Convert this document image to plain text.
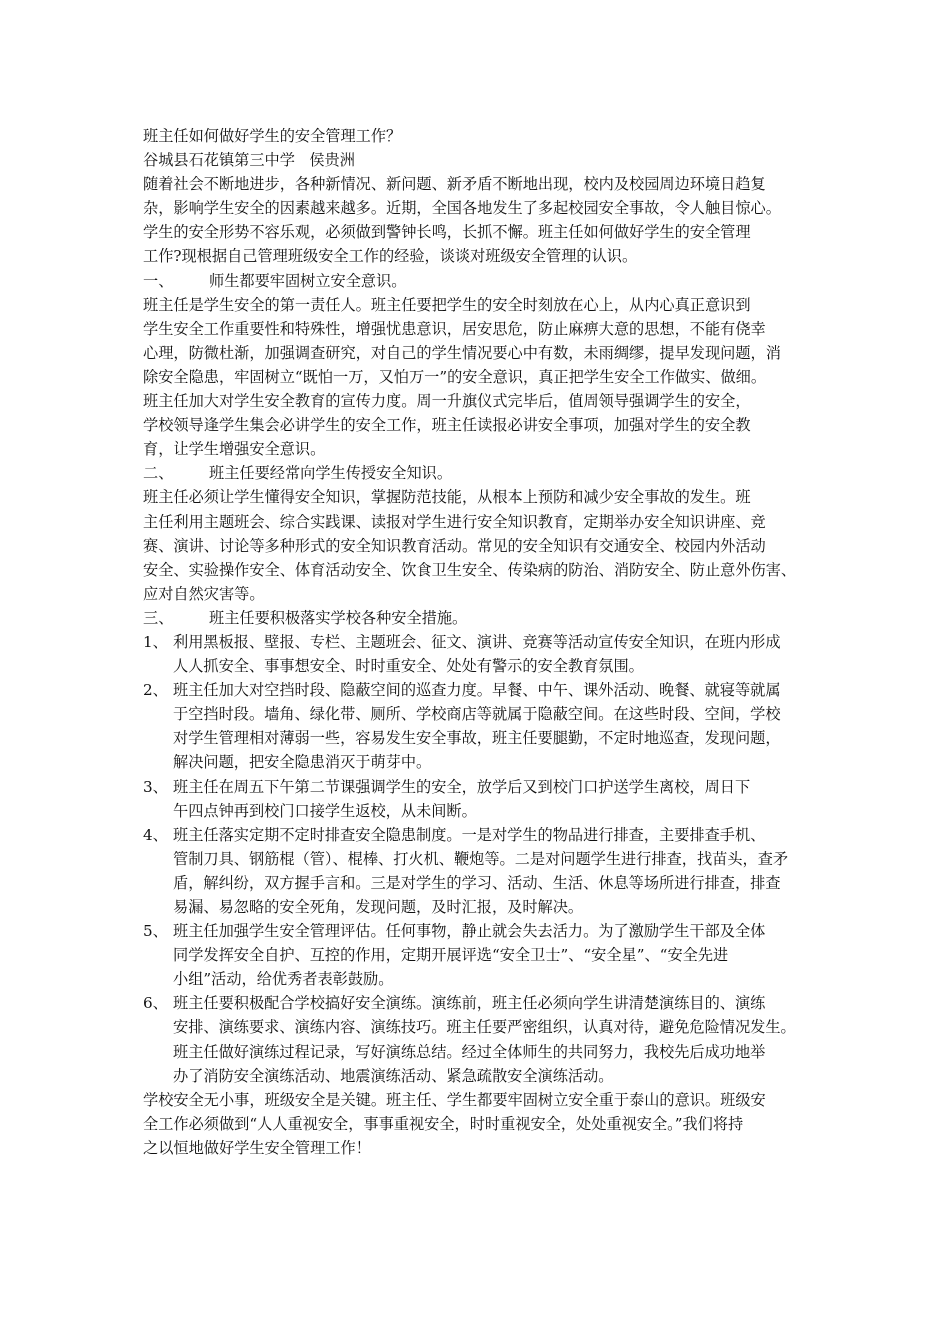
班主任如何做好学生的安全管理工作？

谷城县石花镇第三中学   侯贵洲

随着社会不断地进步，各种新情况、新问题、新矛盾不断地出现，校内及校园周边环境日趋复
杂，影响学生安全的因素越来越多。近期，全国各地发生了多起校园安全事故，令人触目惊心。
学生的安全形势不容乐观，必须做到警钟长鸣，长抓不懈。班主任如何做好学生的安全管理
工作?现根据自己管理班级安全工作的经验，谈谈对班级安全管理的认识。

一、 师生都要牢固树立安全意识。

班主任是学生安全的第一责任人。班主任要把学生的安全时刻放在心上，从内心真正意识到
学生安全工作重要性和特殊性，增强忧患意识，居安思危，防止麻痹大意的思想，不能有侥幸
心理，防微杜渐，加强调查研究，对自己的学生情况要心中有数，未雨绸缪，提早发现问题，消
除安全隐患，牢固树立“既怕一万，又怕万一”的安全意识，真正把学生安全工作做实、做细。
班主任加大对学生安全教育的宣传力度。周一升旗仪式完毕后，值周领导强调学生的安全，
学校领导逢学生集会必讲学生的安全工作，班主任读报必讲安全事项，加强对学生的安全教
育，让学生增强安全意识。

二、 班主任要经常向学生传授安全知识。

班主任必须让学生懂得安全知识，掌握防范技能，从根本上预防和减少安全事故的发生。班
主任利用主题班会、综合实践课、读报对学生进行安全知识教育，定期举办安全知识讲座、竞
赛、演讲、讨论等多种形式的安全知识教育活动。常见的安全知识有交通安全、校园内外活动
安全、实验操作安全、体育活动安全、饮食卫生安全、传染病的防治、消防安全、防止意外伤害、
应对自然灾害等。

三、 班主任要积极落实学校各种安全措施。

1、 利用黑板报、壁报、专栏、主题班会、征文、演讲、竞赛等活动宣传安全知识，在班内形成
人人抓安全、事事想安全、时时重安全、处处有警示的安全教育氛围。
2、 班主任加大对空挡时段、隐蔽空间的巡查力度。早餐、中午、课外活动、晚餐、就寝等就属
于空挡时段。墙角、绿化带、厕所、学校商店等就属于隐蔽空间。在这些时段、空间，学校
对学生管理相对薄弱一些，容易发生安全事故，班主任要腿勤，不定时地巡查，发现问题，
解决问题，把安全隐患消灭于萌芽中。
3、 班主任在周五下午第二节课强调学生的安全，放学后又到校门口护送学生离校，周日下
午四点钟再到校门口接学生返校，从未间断。
4、 班主任落实定期不定时排查安全隐患制度。一是对学生的物品进行排查，主要排查手机、
管制刀具、钢筋棍（管）、棍棒、打火机、鞭炮等。二是对问题学生进行排查，找苗头，查矛
盾，解纠纷，双方握手言和。三是对学生的学习、活动、生活、休息等场所进行排查，排查
易漏、易忽略的安全死角，发现问题，及时汇报，及时解决。
5、 班主任加强学生安全管理评估。任何事物，静止就会失去活力。为了激励学生干部及全体
同学发挥安全自护、互控的作用，定期开展评选“安全卫士”、“安全星”、“安全先进
小组”活动，给优秀者表彰鼓励。
6、 班主任要积极配合学校搞好安全演练。演练前，班主任必须向学生讲清楚演练目的、演练
安排、演练要求、演练内容、演练技巧。班主任要严密组织，认真对待，避免危险情况发生。
班主任做好演练过程记录，写好演练总结。经过全体师生的共同努力，我校先后成功地举
办了消防安全演练活动、地震演练活动、紧急疏散安全演练活动。
学校安全无小事，班级安全是关键。班主任、学生都要牢固树立安全重于泰山的意识。班级安
全工作必须做到“人人重视安全，事事重视安全，时时重视安全，处处重视安全。”我们将持
之以恒地做好学生安全管理工作！
